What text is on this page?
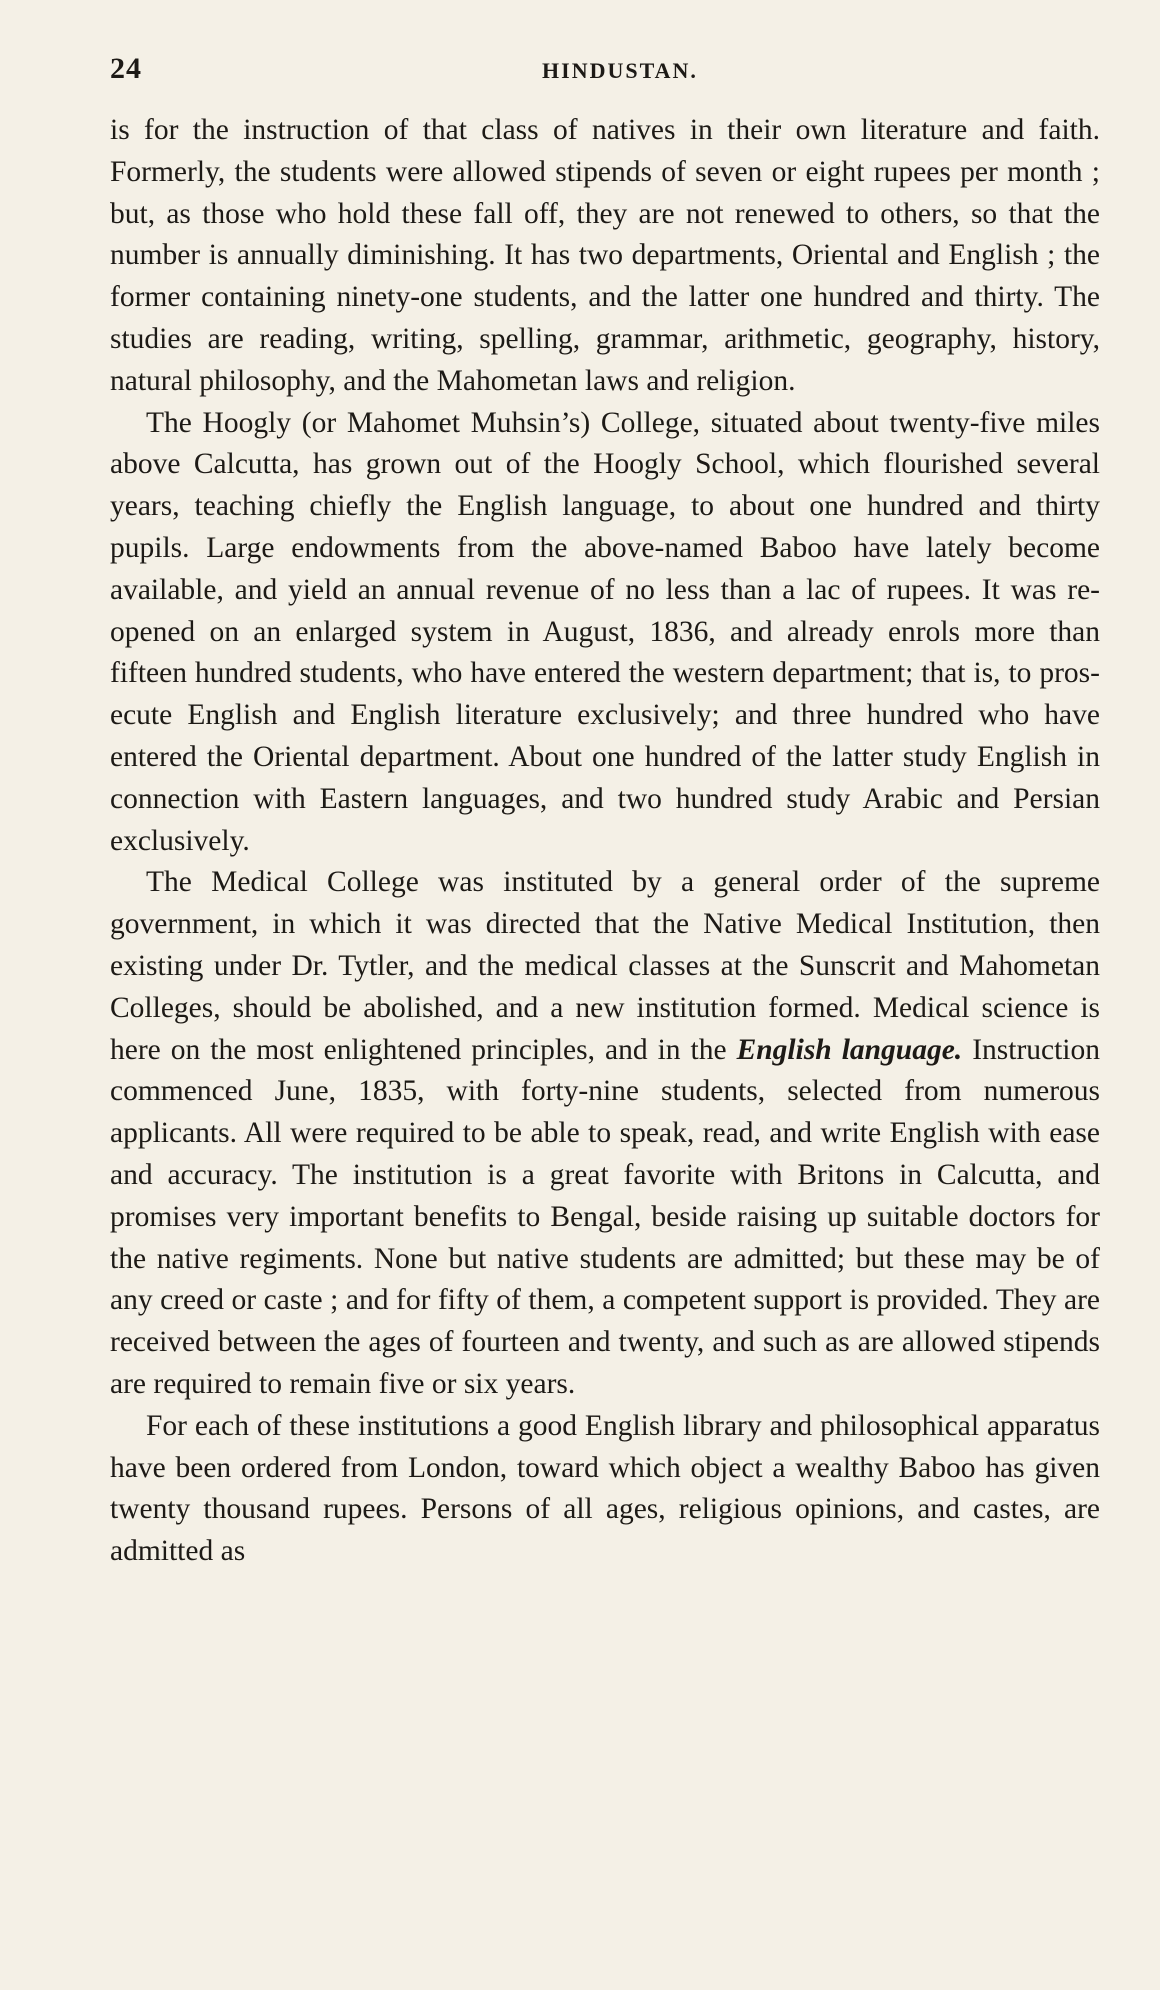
24	HINDUSTAN.

is for the instruction of that class of natives in their own literature and faith. Formerly, the students were allowed stipends of seven or eight rupees per month ; but, as those who hold these fall off, they are not renewed to others, so that the number is annually diminishing. It has two departments, Oriental and English ; the former containing ninety-one students, and the latter one hundred and thirty. The studies are reading, writing, spelling, grammar, arithmetic, geography, history, natural philosophy, and the Mahometan laws and religion.

The Hoogly (or Mahomet Muhsin’s) College, situated about twenty-five miles above Calcutta, has grown out of the Hoogly School, which flourished several years, teaching chiefly the English language, to about one hundred and thirty pupils. Large endowments from the above-named Baboo have lately become available, and yield an annual revenue of no less than a lac of rupees. It was re-opened on an enlarged system in August, 1836, and already enrols more than fifteen hundred students, who have entered the western department; that is, to prosecute English and English literature exclusively; and three hundred who have entered the Oriental department. About one hundred of the latter study English in connection with Eastern languages, and two hundred study Arabic and Persian exclusively.

The Medical College was instituted by a general order of the supreme government, in which it was directed that the Native Medical Institution, then existing under Dr. Tytler, and the medical classes at the Sunscrit and Mahometan Colleges, should be abolished, and a new institution formed. Medical science is here on the most enlightened principles, and in the English language. Instruction commenced June, 1835, with forty-nine students, selected from numerous applicants. All were required to be able to speak, read, and write English with ease and accuracy. The institution is a great favorite with Britons in Calcutta, and promises very important benefits to Bengal, beside raising up suitable doctors for the native regiments. None but native students are admitted; but these may be of any creed or caste ; and for fifty of them, a competent support is provided. They are received between the ages of fourteen and twenty, and such as are allowed stipends are required to remain five or six years.

For each of these institutions a good English library and philosophical apparatus have been ordered from London, toward which object a wealthy Baboo has given twenty thousand rupees. Persons of all ages, religious opinions, and castes, are admitted as
